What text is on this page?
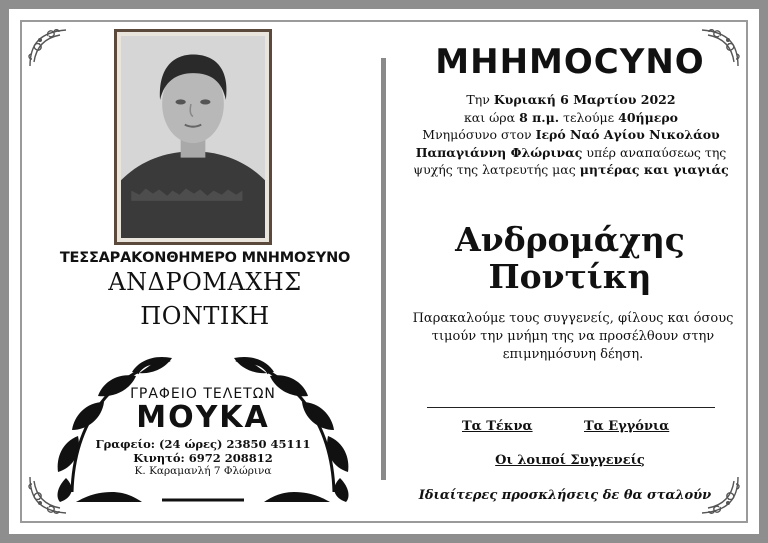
ΤΕΣΣΑΡΑΚΟΝΘΗΜΕΡΟ ΜΝΗΜΟΣΥΝΟ
ΑΝΔΡΟΜΑΧΗΣ
ΠΟΝΤΙΚΗ
ΓΡΑΦΕΙΟ ΤΕΛΕΤΩΝ
ΜΟΥΚΑ
Γραφείο: (24 ώρες) 23850 45111
Κινητό: 6972 208812
Κ. Καραμανλή 7 Φλώρινα
ΜΗΗΜΟCΥΝΟ
Την Κυριακή 6 Μαρτίου 2022
και ώρα 8 π.μ. τελούμε 40ήμερο
Μνημόσυνο στον Ιερό Ναό Αγίου Νικολάου Παπαγιάννη Φλώρινας υπέρ αναπαύσεως της ψυχής της λατρευτής μας μητέρας και γιαγιάς
Ανδρομάχης
Ποντίκη
Παρακαλούμε τους συγγενείς, φίλους και όσους τιμούν την μνήμη της να προσέλθουν στην επιμνημόσυνη δέηση.
Τα Τέκνα	Τα Εγγόνια
Οι λοιποί Συγγενείς
Ιδιαίτερες προσκλήσεις δε θα σταλούν
